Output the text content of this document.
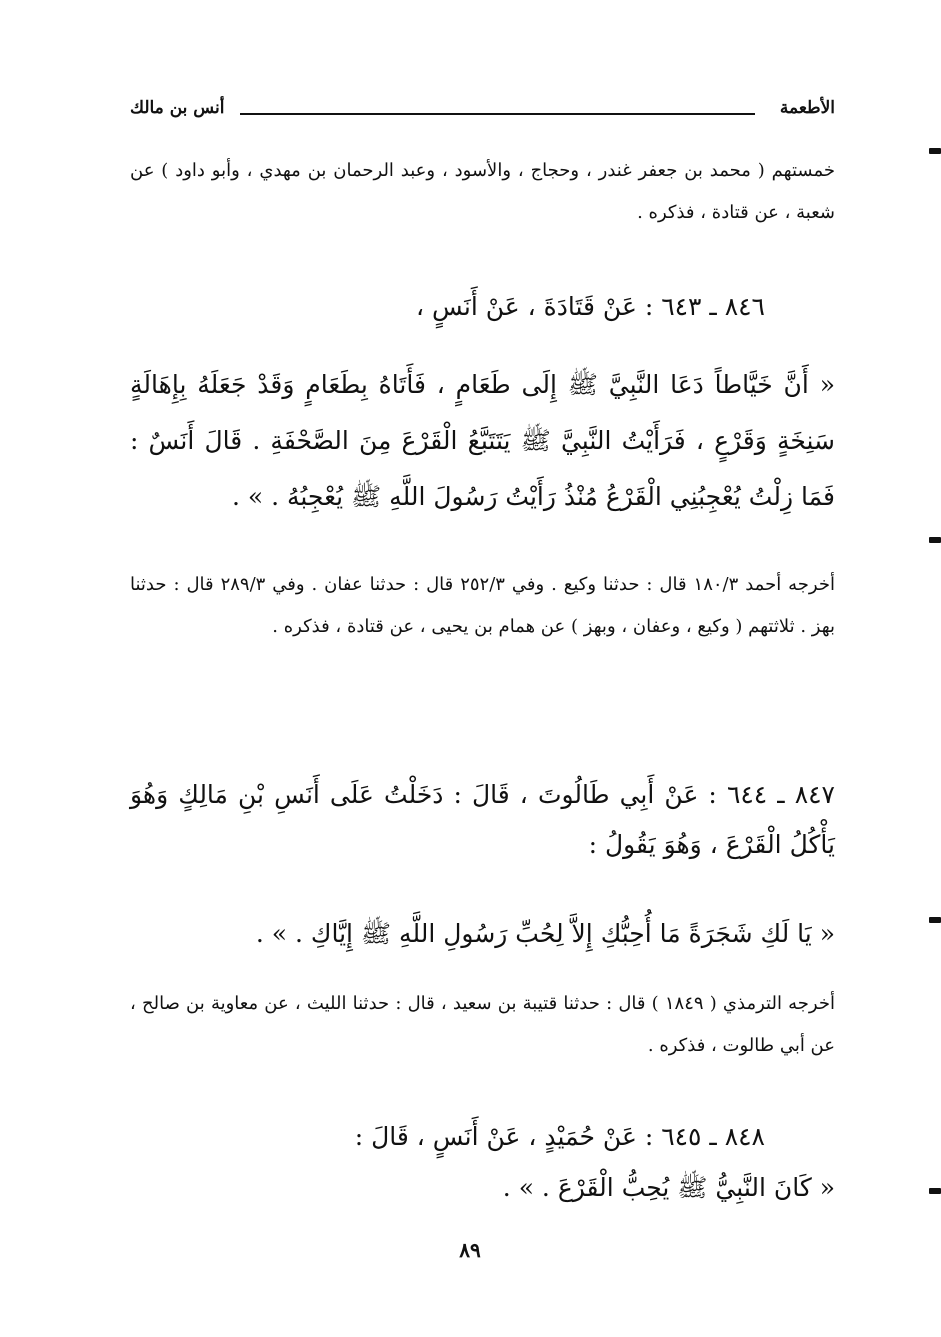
الأطعمة
أنس بن مالك
خمستهم ( محمد بن جعفر غندر ، وحجاج ، والأسود ، وعبد الرحمان بن مهدي ، وأبو داود ) عن شعبة ، عن قتادة ، فذكره .
٨٤٦ ـ ٦٤٣ : عَنْ قَتَادَةَ ، عَنْ أَنَسٍ ،
« أَنَّ خَيَّاطاً دَعَا النَّبِيَّ ﷺ إِلَى طَعَامٍ ، فَأَتَاهُ بِطَعَامٍ وَقَدْ جَعَلَهُ بِإِهَالَةٍ سَنِخَةٍ وَقَرْعٍ ، فَرَأَيْتُ النَّبِيَّ ﷺ يَتَتَبَّعُ الْقَرْعَ مِنَ الصَّحْفَةِ . قَالَ أَنَسٌ : فَمَا زِلْتُ يُعْجِبُنِي الْقَرْعُ مُنْذُ رَأَيْتُ رَسُولَ اللَّهِ ﷺ يُعْجِبُهُ . » .
أخرجه أحمد ١٨٠/٣ قال : حدثنا وكيع . وفي ٢٥٢/٣ قال : حدثنا عفان . وفي ٢٨٩/٣ قال : حدثنا بهز . ثلاثتهم ( وكيع ، وعفان ، وبهز ) عن همام بن يحيى ، عن قتادة ، فذكره .
٨٤٧ ـ ٦٤٤ : عَنْ أَبِي طَالُوتَ ، قَالَ : دَخَلْتُ عَلَى أَنَسِ بْنِ مَالِكٍ وَهُوَ يَأْكُلُ الْقَرْعَ ، وَهُوَ يَقُولُ :
« يَا لَكِ شَجَرَةً مَا أُحِبُّكِ إِلاَّ لِحُبِّ رَسُولِ اللَّهِ ﷺ إِيَّاكِ . » .
أخرجه الترمذي ( ١٨٤٩ ) قال : حدثنا قتيبة بن سعيد ، قال : حدثنا الليث ، عن معاوية بن صالح ، عن أبي طالوت ، فذكره .
٨٤٨ ـ ٦٤٥ : عَنْ حُمَيْدٍ ، عَنْ أَنَسٍ ، قَالَ :
« كَانَ النَّبِيُّ ﷺ يُحِبُّ الْقَرْعَ . » .
٨٩
